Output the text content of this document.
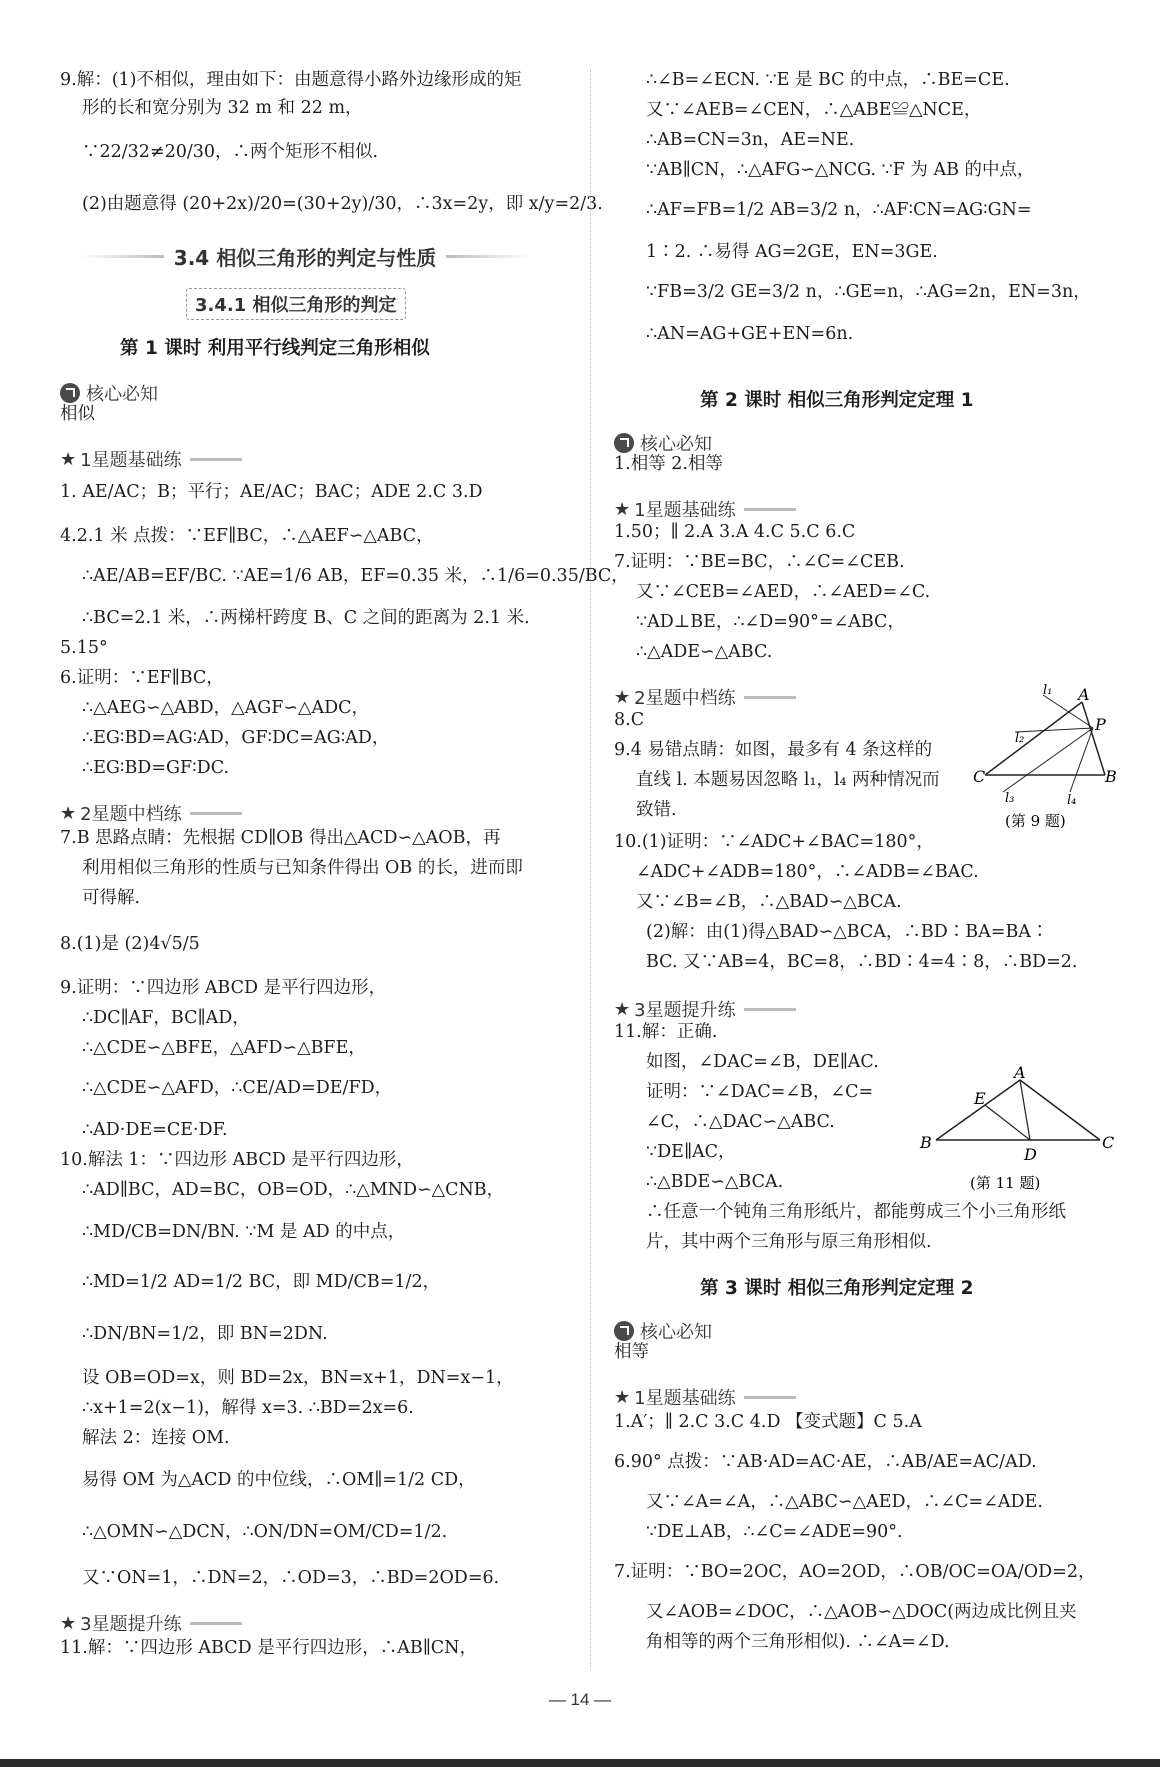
9.解：(1)不相似，理由如下：由题意得小路外边缘形成的矩
形的长和宽分别为 32 m 和 22 m，
∵22/32≠20/30，∴两个矩形不相似.
(2)由题意得 (20+2x)/20=(30+2y)/30，∴3x=2y，即 x/y=2/3.
相似
1. AE/AC；B；平行；AE/AC；BAC；ADE 2.C 3.D
4.2.1 米 点拨：∵EF∥BC，∴△AEF∽△ABC，
∴AE/AB=EF/BC. ∵AE=1/6 AB，EF=0.35 米，∴1/6=0.35/BC，
∴BC=2.1 米，∴两梯杆跨度 B、C 之间的距离为 2.1 米.
5.15°
6.证明：∵EF∥BC，
∴△AEG∽△ABD，△AGF∽△ADC，
∴EG∶BD=AG∶AD，GF∶DC=AG∶AD，
∴EG∶BD=GF∶DC.
7.B 思路点睛：先根据 CD∥OB 得出△ACD∽△AOB，再
利用相似三角形的性质与已知条件得出 OB 的长，进而即
可得解.
8.(1)是 (2)4√5/5
9.证明：∵四边形 ABCD 是平行四边形，
∴DC∥AF，BC∥AD，
∴△CDE∽△BFE，△AFD∽△BFE，
∴△CDE∽△AFD，∴CE/AD=DE/FD，
∴AD·DE=CE·DF.
10.解法 1：∵四边形 ABCD 是平行四边形，
∴AD∥BC，AD=BC，OB=OD，∴△MND∽△CNB，
∴MD/CB=DN/BN. ∵M 是 AD 的中点，
∴MD=1/2 AD=1/2 BC，即 MD/CB=1/2，
∴DN/BN=1/2，即 BN=2DN.
设 OB=OD=x，则 BD=2x，BN=x+1，DN=x−1，
∴x+1=2(x−1)，解得 x=3. ∴BD=2x=6.
解法 2：连接 OM.
易得 OM 为△ACD 的中位线，∴OM∥=1/2 CD，
∴△OMN∽△DCN，∴ON/DN=OM/CD=1/2.
又∵ON=1，∴DN=2，∴OD=3，∴BD=2OD=6.
11.解：∵四边形 ABCD 是平行四边形，∴AB∥CN，
∴∠B=∠ECN. ∵E 是 BC 的中点，∴BE=CE.
又∵∠AEB=∠CEN，∴△ABE≌△NCE，
∴AB=CN=3n，AE=NE.
∵AB∥CN，∴△AFG∽△NCG. ∵F 为 AB 的中点，
∴AF=FB=1/2 AB=3/2 n，∴AF∶CN=AG∶GN=
1∶2. ∴易得 AG=2GE，EN=3GE.
∵FB=3/2 GE=3/2 n，∴GE=n，∴AG=2n，EN=3n，
∴AN=AG+GE+EN=6n.
1.相等 2.相等
1.50；∥ 2.A 3.A 4.C 5.C 6.C
7.证明：∵BE=BC，∴∠C=∠CEB.
又∵∠CEB=∠AED，∴∠AED=∠C.
∵AD⊥BE，∴∠D=90°=∠ABC，
∴△ADE∽△ABC.
8.C
9.4 易错点睛：如图，最多有 4 条这样的
直线 l. 本题易因忽略 l₁，l₄ 两种情况而
致错.
10.(1)证明：∵∠ADC+∠BAC=180°，
∠ADC+∠ADB=180°，∴∠ADB=∠BAC.
又∵∠B=∠B，∴△BAD∽△BCA.
(2)解：由(1)得△BAD∽△BCA，∴BD∶BA=BA∶
BC. 又∵AB=4，BC=8，∴BD∶4=4∶8，∴BD=2.
11.解：正确.
如图，∠DAC=∠B，DE∥AC.
证明：∵∠DAC=∠B，∠C=
∠C，∴△DAC∽△ABC.
∵DE∥AC，
∴△BDE∽△BCA.
∴任意一个钝角三角形纸片，都能剪成三个小三角形纸
片，其中两个三角形与原三角形相似.
相等
1.A′；∥ 2.C 3.C 4.D 【变式题】C 5.A
6.90° 点拨：∵AB·AD=AC·AE，∴AB/AE=AC/AD.
又∵∠A=∠A，∴△ABC∽△AED，∴∠C=∠ADE.
∵DE⊥AB，∴∠C=∠ADE=90°.
7.证明：∵BO=2OC，AO=2OD，∴OB/OC=OA/OD=2，
又∠AOB=∠DOC，∴△AOB∽△DOC(两边成比例且夹
角相等的两个三角形相似). ∴∠A=∠D.
3.4 相似三角形的判定与性质
3.4.1 相似三角形的判定
第 1 课时 利用平行线判定三角形相似
第 2 课时 相似三角形判定定理 1
第 3 课时 相似三角形判定定理 2
核心必知
核心必知
核心必知
★ 1星题基础练
★ 2星题中档练
★ 3星题提升练
★ 1星题基础练
★ 2星题中档练
★ 3星题提升练
★ 1星题基础练
A
P
B
C
l₁
l₂
l₃	l₄
(第 9 题)
A
E
B
D
C
(第 11 题)
— 14 —
